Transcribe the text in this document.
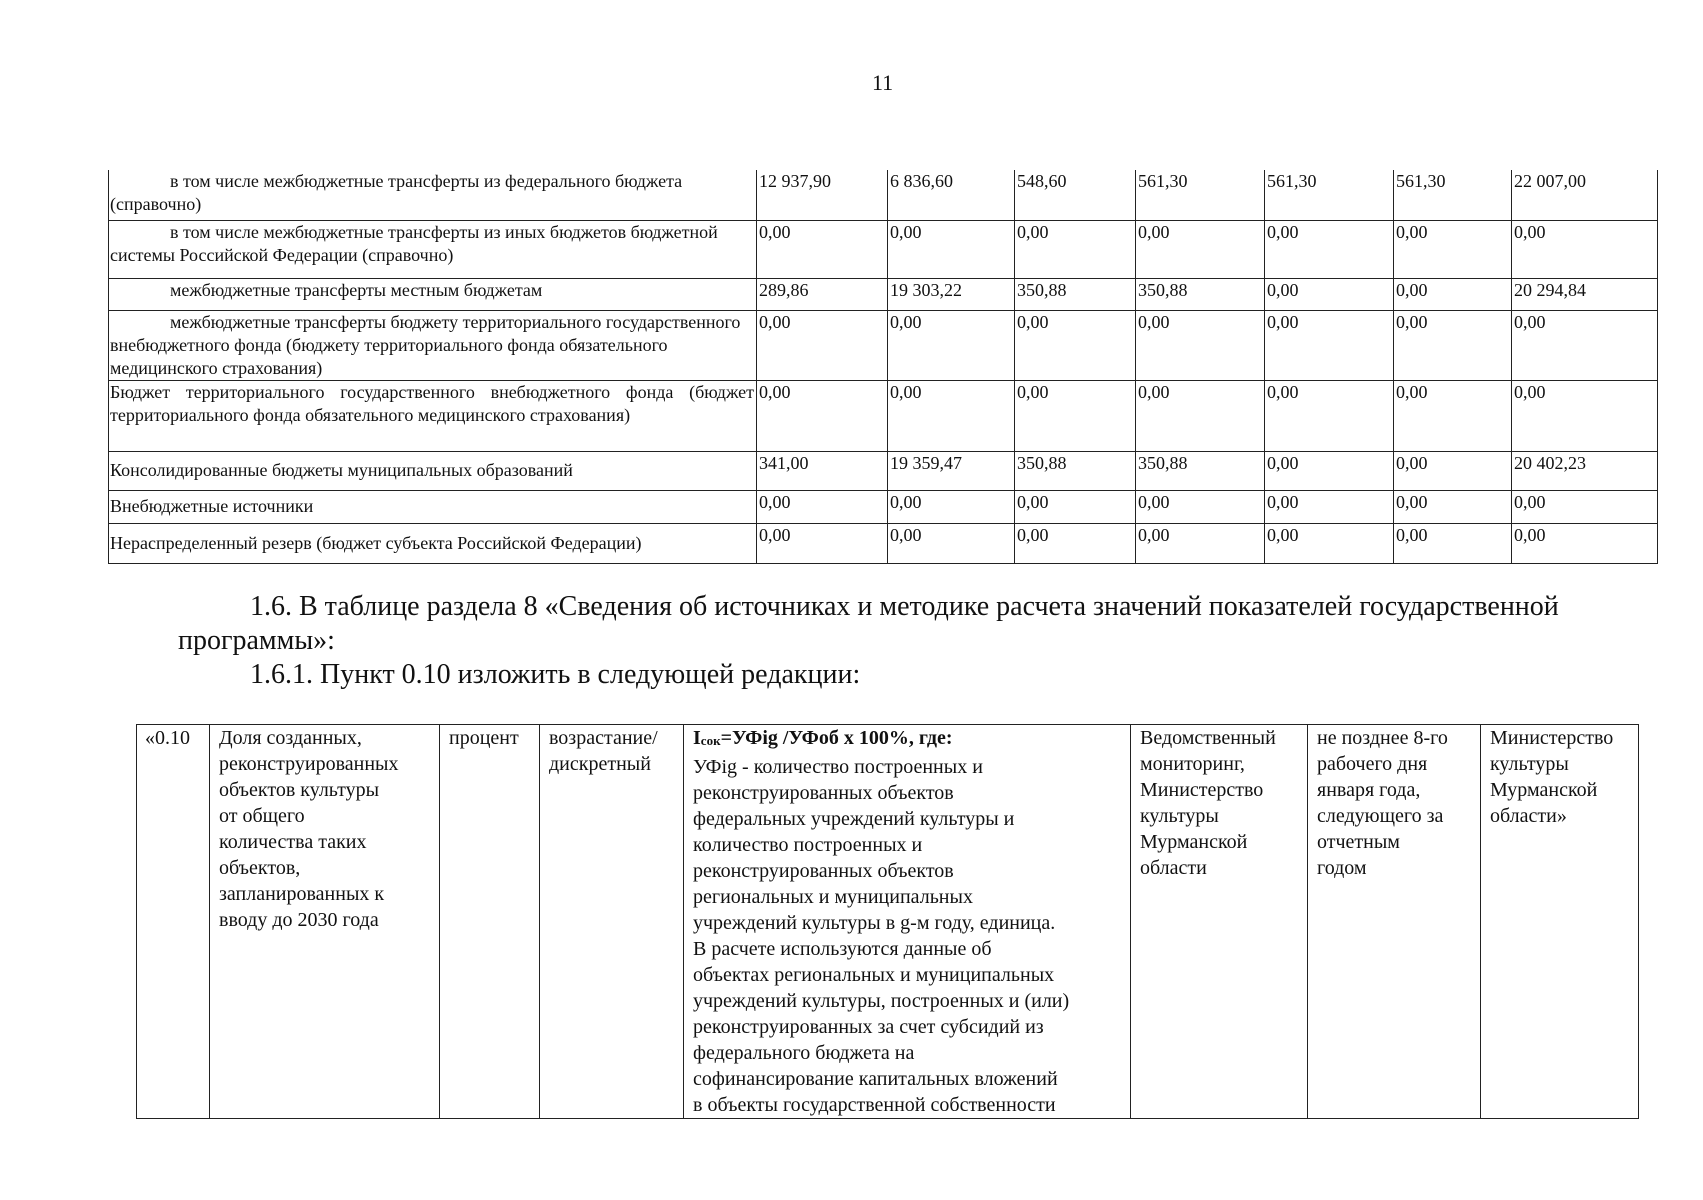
11
в том числе межбюджетные трансферты из федерального бюджета (справочно)	12 937,90	6 836,60	548,60	561,30	561,30	561,30	22 007,00
в том числе межбюджетные трансферты из иных бюджетов бюджетной системы Российской Федерации (справочно)	0,00	0,00	0,00	0,00	0,00	0,00	0,00
межбюджетные трансферты местным бюджетам	289,86	19 303,22	350,88	350,88	0,00	0,00	20 294,84
межбюджетные трансферты бюджету территориального государственного внебюджетного фонда (бюджету территориального фонда обязательного медицинского страхования)	0,00	0,00	0,00	0,00	0,00	0,00	0,00
Бюджет территориального государственного внебюджетного фонда (бюджет территориального фонда обязательного медицинского страхования)	0,00	0,00	0,00	0,00	0,00	0,00	0,00
Консолидированные бюджеты муниципальных образований	341,00	19 359,47	350,88	350,88	0,00	0,00	20 402,23
Внебюджетные источники	0,00	0,00	0,00	0,00	0,00	0,00	0,00
Нераспределенный резерв (бюджет субъекта Российской Федерации)	0,00	0,00	0,00	0,00	0,00	0,00	0,00

1.6. В таблице раздела 8 «Сведения об источниках и методике расчета значений показателей государственной программы»:

1.6.1. Пункт 0.10 изложить в следующей редакции:

«0.10	Доля созданных,
реконструированных
объектов культуры
от общего
количества таких
объектов,
запланированных к
вводу до 2030 года	процент	возрастание/
дискретный	
$I_{сок}=УФig$ /УФоб х 100%, где:
УФig - количество построенных и
реконструированных объектов
федеральных учреждений культуры и
количество построенных и
реконструированных объектов
региональных и муниципальных
учреждений культуры в g-м году, единица.
В расчете используются данные об
объектах региональных и муниципальных
учреждений культуры, построенных и (или)
реконструированных за счет субсидий из
федерального бюджета на
софинансирование капитальных вложений
в объекты государственной собственности
	Ведомственный
мониторинг,
Министерство
культуры
Мурманской
области	не позднее 8-го
рабочего дня
января года,
следующего за
отчетным
годом	Министерство
культуры
Мурманской
области»
